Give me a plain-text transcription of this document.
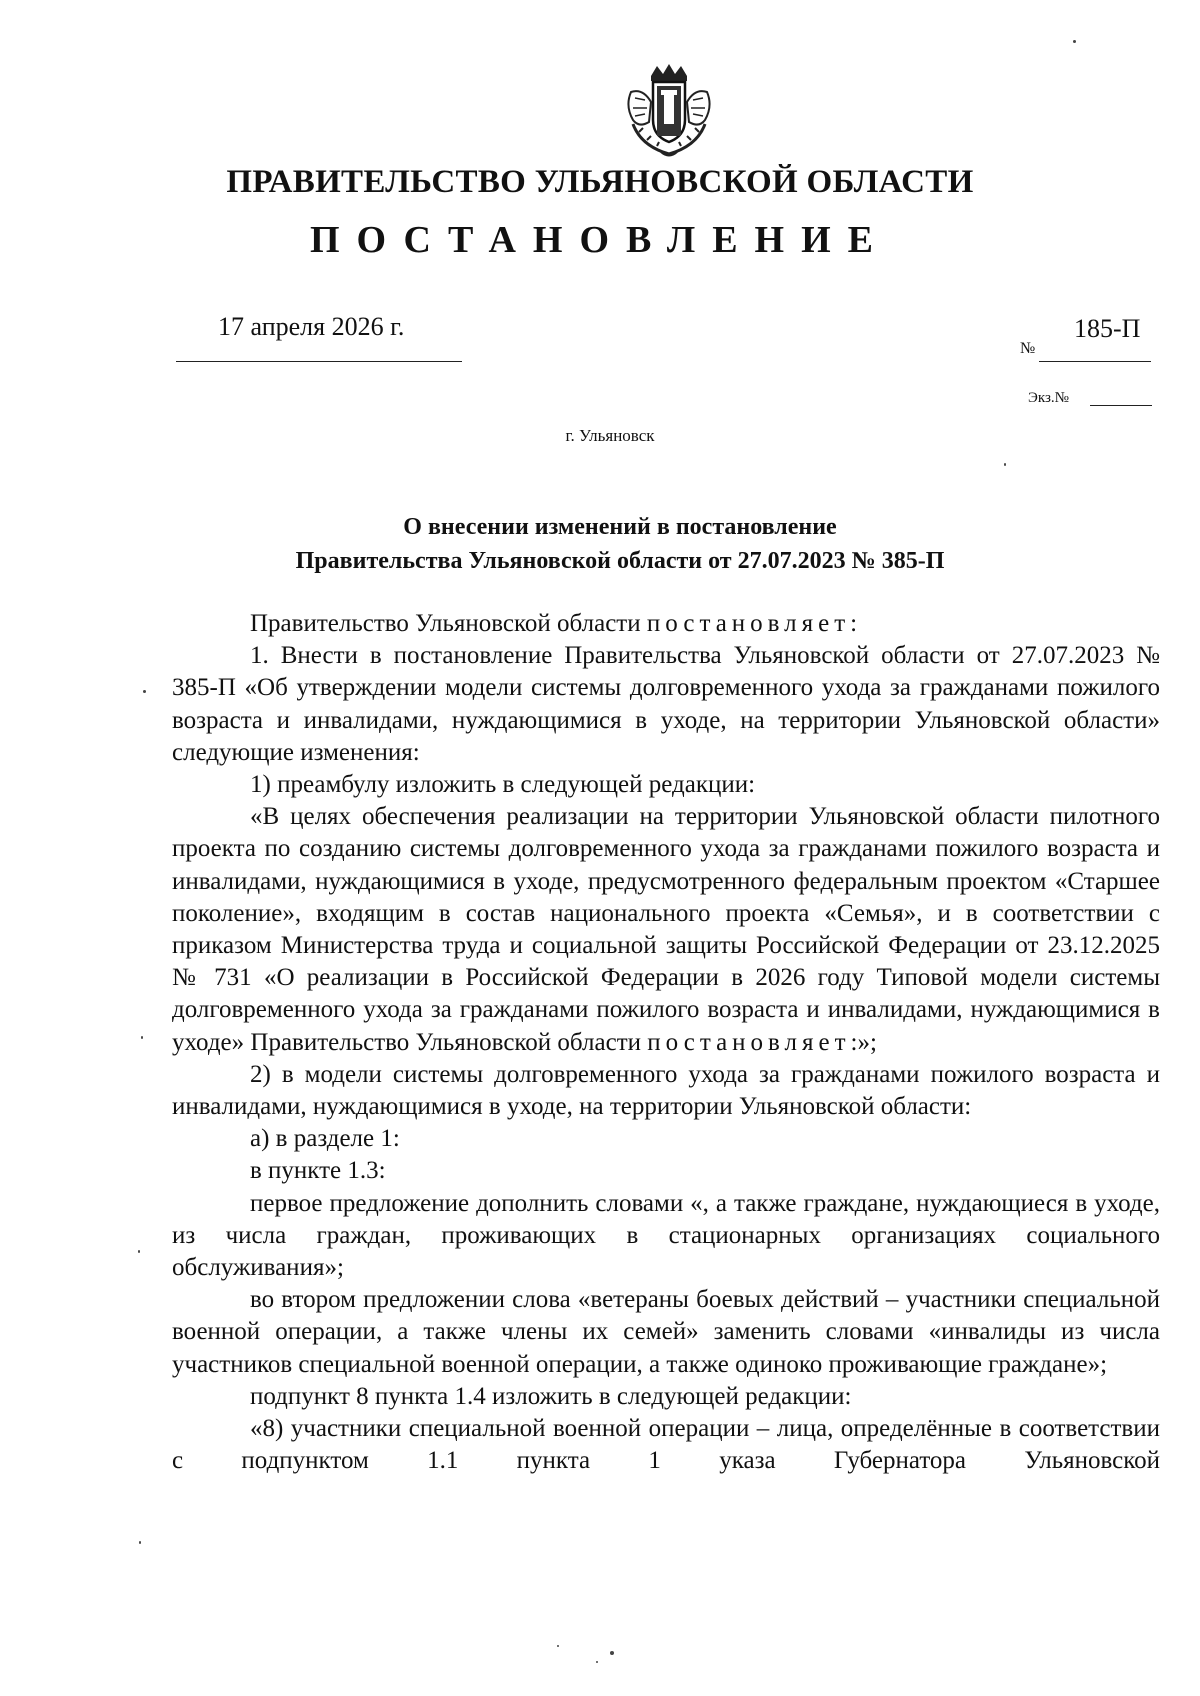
ПРАВИТЕЛЬСТВО УЛЬЯНОВСКОЙ ОБЛАСТИ
ПОСТАНОВЛЕНИЕ
17 апреля 2026 г.
№
185-П
Экз.№

г. Ульяновск

О внесении изменений в постановление
Правительства Ульяновской области от 27.07.2023 № 385-П

Правительство Ульяновской области постановляет:

1. Внести в постановление Правительства Ульяновской области от 27.07.2023 № 385-П «Об утверждении модели системы долговременного ухода за гражданами пожилого возраста и инвалидами, нуждающимися в уходе, на территории Ульяновской области» следующие изменения:

1) преамбулу изложить в следующей редакции:

«В целях обеспечения реализации на территории Ульяновской области пилотного проекта по созданию системы долговременного ухода за гражданами пожилого возраста и инвалидами, нуждающимися в уходе, предусмотренного федеральным проектом «Старшее поколение», входящим в состав национального проекта «Семья», и в соответствии с приказом Министерства труда и социальной защиты Российской Федерации от 23.12.2025 № 731 «О реализации в Российской Федерации в 2026 году Типовой модели системы долговременного ухода за гражданами пожилого возраста и инвалидами, нуждающимися в уходе» Правительство Ульяновской области постановляет:»;

2) в модели системы долговременного ухода за гражданами пожилого возраста и инвалидами, нуждающимися в уходе, на территории Ульяновской области:

а) в разделе 1:

в пункте 1.3:

первое предложение дополнить словами «, а также граждане, нуждающиеся в уходе, из числа граждан, проживающих в стационарных организациях социального обслуживания»;

во втором предложении слова «ветераны боевых действий – участники специальной военной операции, а также члены их семей» заменить словами «инвалиды из числа участников специальной военной операции, а также одиноко проживающие граждане»;

подпункт 8 пункта 1.4 изложить в следующей редакции:

«8) участники специальной военной операции – лица, определённые в соответствии с подпунктом 1.1 пункта 1 указа Губернатора Ульяновской
